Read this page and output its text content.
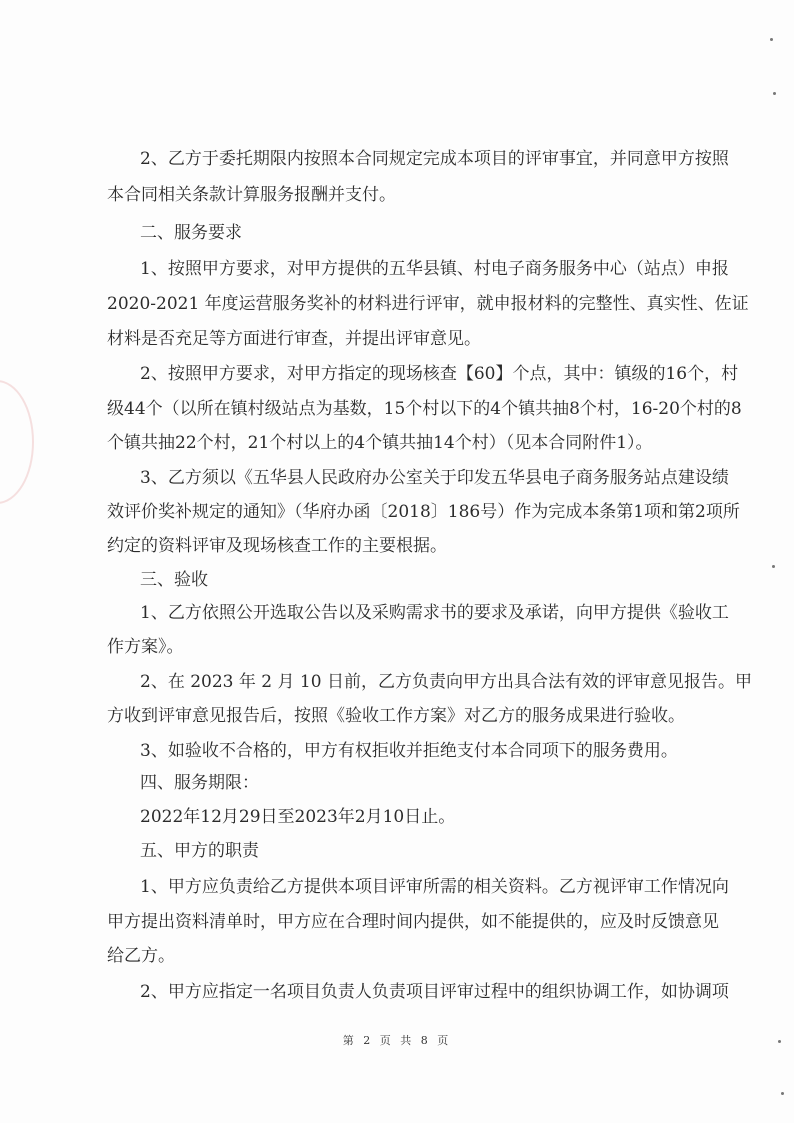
2、乙方于委托期限内按照本合同规定完成本项目的评审事宜，并同意甲方按照
本合同相关条款计算服务报酬并支付。
二、服务要求
1、按照甲方要求，对甲方提供的五华县镇、村电子商务服务中心（站点）申报
2020-2021 年度运营服务奖补的材料进行评审，就申报材料的完整性、真实性、佐证
材料是否充足等方面进行审查，并提出评审意见。
2、按照甲方要求，对甲方指定的现场核查【60】个点，其中：镇级的16个，村
级44个（以所在镇村级站点为基数，15个村以下的4个镇共抽8个村，16-20个村的8
个镇共抽22个村，21个村以上的4个镇共抽14个村）（见本合同附件1）。
3、乙方须以《五华县人民政府办公室关于印发五华县电子商务服务站点建设绩
效评价奖补规定的通知》（华府办函〔2018〕186号）作为完成本条第1项和第2项所
约定的资料评审及现场核查工作的主要根据。
三、验收
1、乙方依照公开选取公告以及采购需求书的要求及承诺，向甲方提供《验收工
作方案》。
2、在 2023 年 2 月 10 日前，乙方负责向甲方出具合法有效的评审意见报告。甲
方收到评审意见报告后，按照《验收工作方案》对乙方的服务成果进行验收。
3、如验收不合格的，甲方有权拒收并拒绝支付本合同项下的服务费用。
四、服务期限：
2022年12月29日至2023年2月10日止。
五、甲方的职责
1、甲方应负责给乙方提供本项目评审所需的相关资料。乙方视评审工作情况向
甲方提出资料清单时，甲方应在合理时间内提供，如不能提供的，应及时反馈意见
给乙方。
2、甲方应指定一名项目负责人负责项目评审过程中的组织协调工作，如协调项
第 2 页 共 8 页
